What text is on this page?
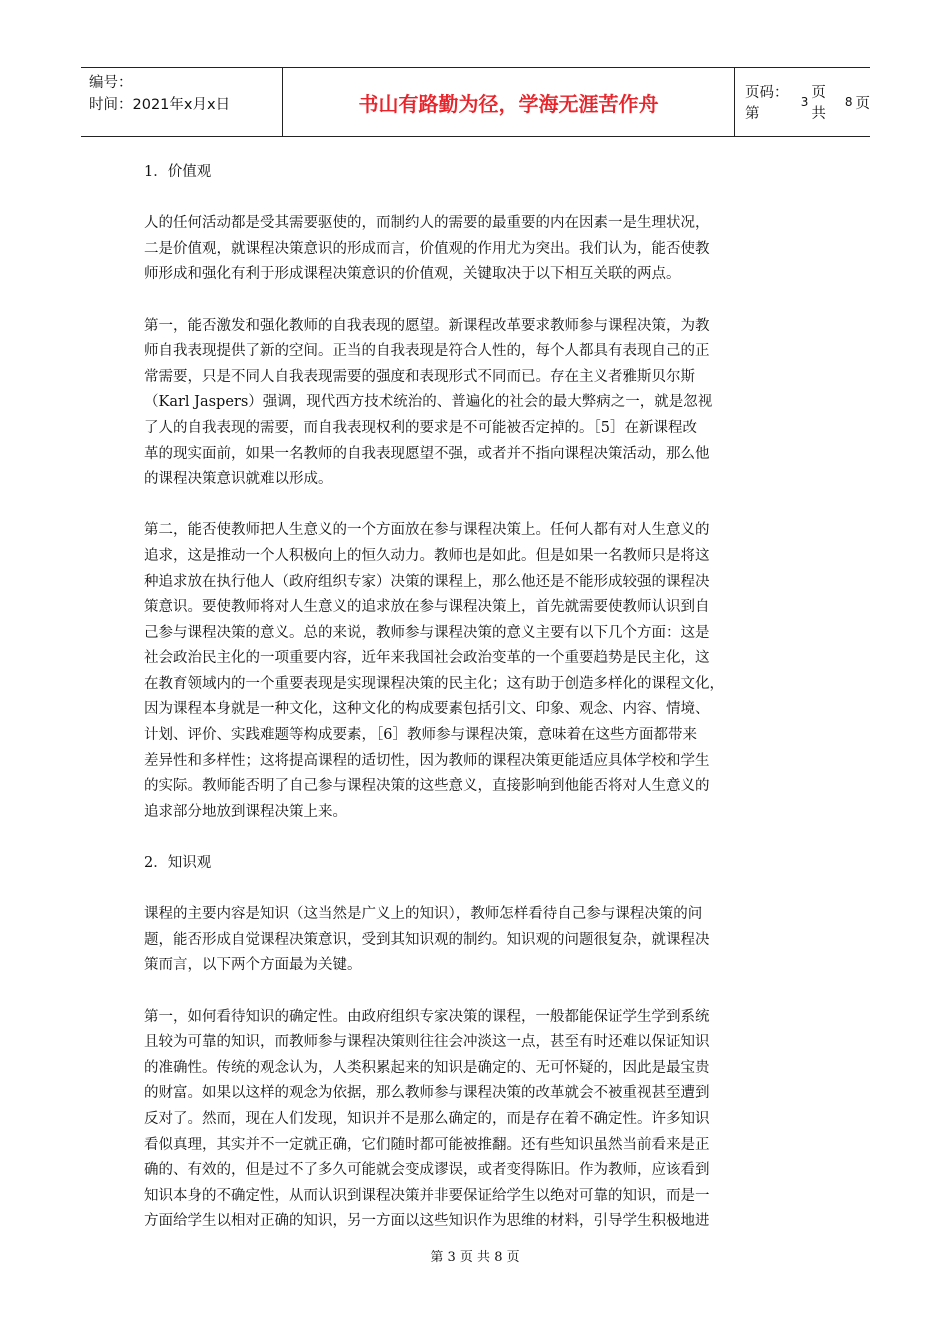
编号：
时间：2021年x月x日	书山有路勤为径，学海无涯苦作舟	页码：第
3
页 共
8 页

1．价值观

人的任何活动都是受其需要驱使的，而制约人的需要的最重要的内在因素一是生理状况，

二是价值观，就课程决策意识的形成而言，价值观的作用尤为突出。我们认为，能否使教

师形成和强化有利于形成课程决策意识的价值观，关键取决于以下相互关联的两点。

第一，能否激发和强化教师的自我表现的愿望。新课程改革要求教师参与课程决策，为教

师自我表现提供了新的空间。正当的自我表现是符合人性的，每个人都具有表现自己的正

常需要，只是不同人自我表现需要的强度和表现形式不同而已。存在主义者雅斯贝尔斯

（Karl Jaspers）强调，现代西方技术统治的、普遍化的社会的最大弊病之一，就是忽视

了人的自我表现的需要，而自我表现权利的要求是不可能被否定掉的。［5］在新课程改

革的现实面前，如果一名教师的自我表现愿望不强，或者并不指向课程决策活动，那么他

的课程决策意识就难以形成。

第二，能否使教师把人生意义的一个方面放在参与课程决策上。任何人都有对人生意义的

追求，这是推动一个人积极向上的恒久动力。教师也是如此。但是如果一名教师只是将这

种追求放在执行他人（政府组织专家）决策的课程上，那么他还是不能形成较强的课程决

策意识。要使教师将对人生意义的追求放在参与课程决策上，首先就需要使教师认识到自

己参与课程决策的意义。总的来说，教师参与课程决策的意义主要有以下几个方面：这是

社会政治民主化的一项重要内容，近年来我国社会政治变革的一个重要趋势是民主化，这

在教育领域内的一个重要表现是实现课程决策的民主化；这有助于创造多样化的课程文化，

因为课程本身就是一种文化，这种文化的构成要素包括引文、印象、观念、内容、情境、

计划、评价、实践难题等构成要素，［6］教师参与课程决策，意味着在这些方面都带来

差异性和多样性；这将提高课程的适切性，因为教师的课程决策更能适应具体学校和学生

的实际。教师能否明了自己参与课程决策的这些意义，直接影响到他能否将对人生意义的

追求部分地放到课程决策上来。

2．知识观

课程的主要内容是知识（这当然是广义上的知识），教师怎样看待自己参与课程决策的问

题，能否形成自觉课程决策意识，受到其知识观的制约。知识观的问题很复杂，就课程决

策而言，以下两个方面最为关键。

第一，如何看待知识的确定性。由政府组织专家决策的课程，一般都能保证学生学到系统

且较为可靠的知识，而教师参与课程决策则往往会冲淡这一点，甚至有时还难以保证知识

的准确性。传统的观念认为，人类积累起来的知识是确定的、无可怀疑的，因此是最宝贵

的财富。如果以这样的观念为依据，那么教师参与课程决策的改革就会不被重视甚至遭到

反对了。然而，现在人们发现，知识并不是那么确定的，而是存在着不确定性。许多知识

看似真理，其实并不一定就正确，它们随时都可能被推翻。还有些知识虽然当前看来是正

确的、有效的，但是过不了多久可能就会变成谬误，或者变得陈旧。作为教师，应该看到

知识本身的不确定性，从而认识到课程决策并非要保证给学生以绝对可靠的知识，而是一

方面给学生以相对正确的知识，另一方面以这些知识作为思维的材料，引导学生积极地进

第 3 页 共 8 页
